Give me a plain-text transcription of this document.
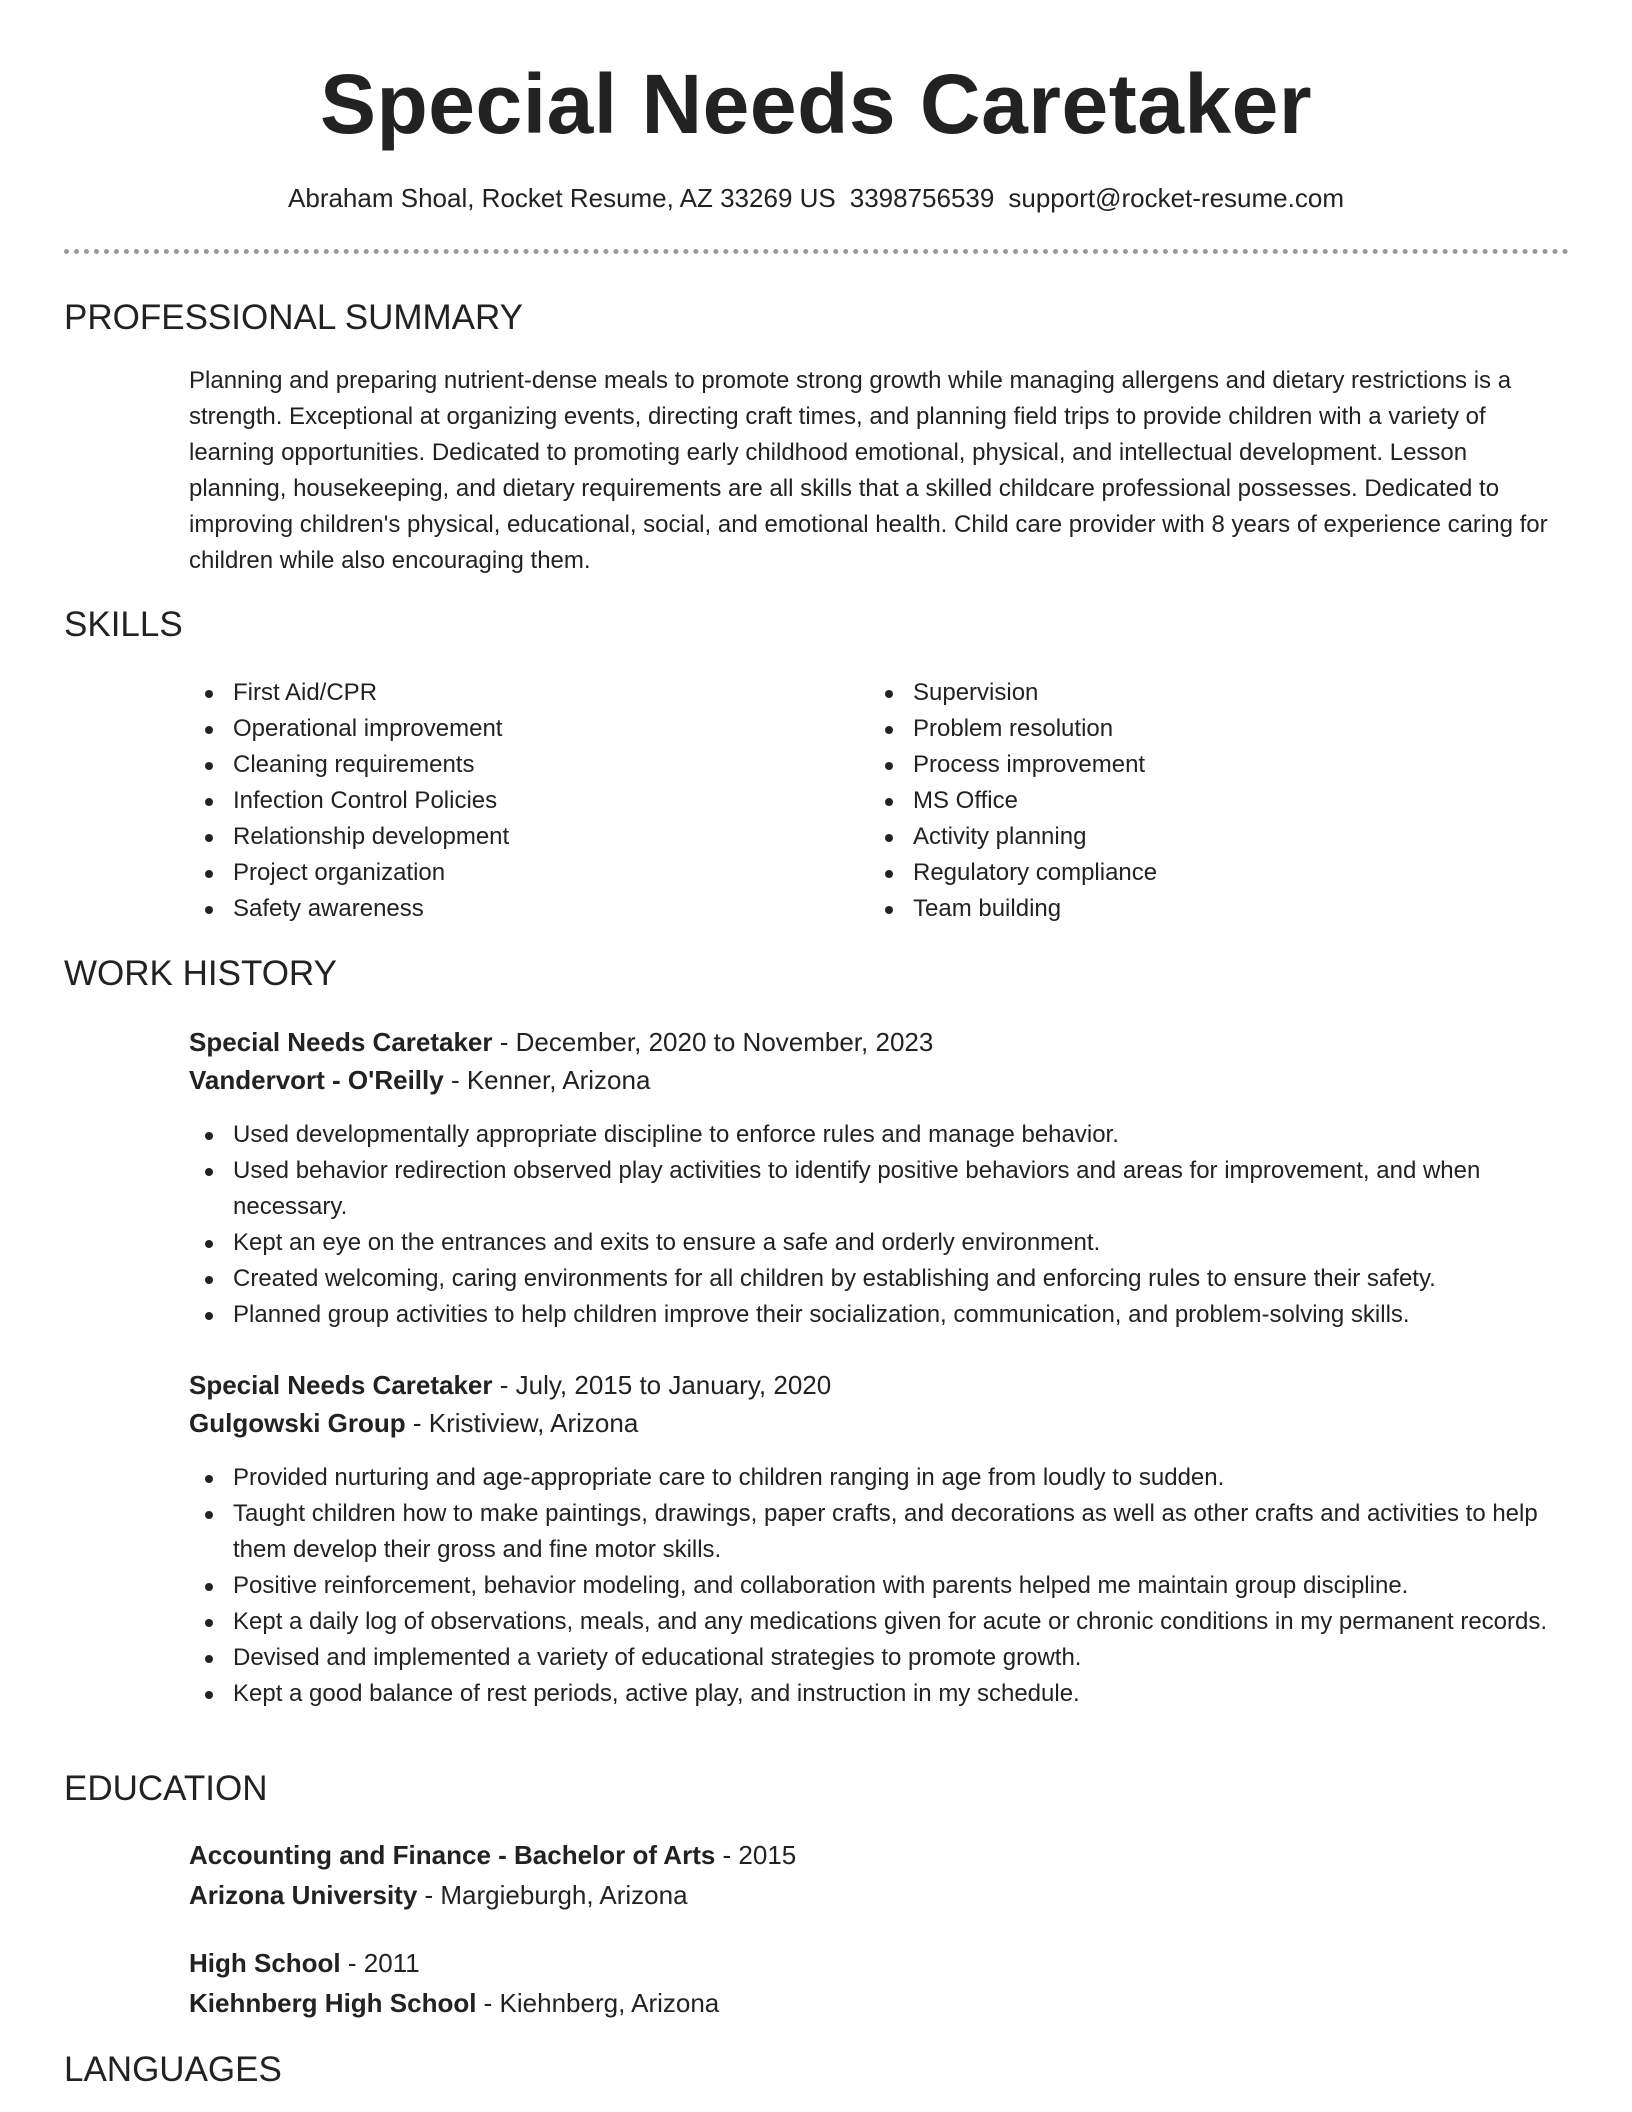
Special Needs Caretaker
Abraham Shoal, Rocket Resume, AZ 33269 US 3398756539 support@rocket-resume.com
PROFESSIONAL SUMMARY

Planning and preparing nutrient-dense meals to promote strong growth while managing allergens and dietary restrictions is a strength. Exceptional at organizing events, directing craft times, and planning field trips to provide children with a variety of learning opportunities. Dedicated to promoting early childhood emotional, physical, and intellectual development. Lesson planning, housekeeping, and dietary requirements are all skills that a skilled childcare professional possesses. Dedicated to improving children's physical, educational, social, and emotional health. Child care provider with 8 years of experience caring for children while also encouraging them.

SKILLS
First Aid/CPR
Operational improvement
Cleaning requirements
Infection Control Policies
Relationship development
Project organization
Safety awareness
Supervision
Problem resolution
Process improvement
MS Office
Activity planning
Regulatory compliance
Team building
WORK HISTORY
Special Needs Caretaker - December, 2020 to November, 2023
Vandervort - O'Reilly - Kenner, Arizona
Used developmentally appropriate discipline to enforce rules and manage behavior.
Used behavior redirection observed play activities to identify positive behaviors and areas for improvement, and when necessary.
Kept an eye on the entrances and exits to ensure a safe and orderly environment.
Created welcoming, caring environments for all children by establishing and enforcing rules to ensure their safety.
Planned group activities to help children improve their socialization, communication, and problem-solving skills.
Special Needs Caretaker - July, 2015 to January, 2020
Gulgowski Group - Kristiview, Arizona
Provided nurturing and age-appropriate care to children ranging in age from loudly to sudden.
Taught children how to make paintings, drawings, paper crafts, and decorations as well as other crafts and activities to help them develop their gross and fine motor skills.
Positive reinforcement, behavior modeling, and collaboration with parents helped me maintain group discipline.
Kept a daily log of observations, meals, and any medications given for acute or chronic conditions in my permanent records.
Devised and implemented a variety of educational strategies to promote growth.
Kept a good balance of rest periods, active play, and instruction in my schedule.
EDUCATION
Accounting and Finance - Bachelor of Arts - 2015
Arizona University - Margieburgh, Arizona
High School - 2011
Kiehnberg High School - Kiehnberg, Arizona
LANGUAGES
